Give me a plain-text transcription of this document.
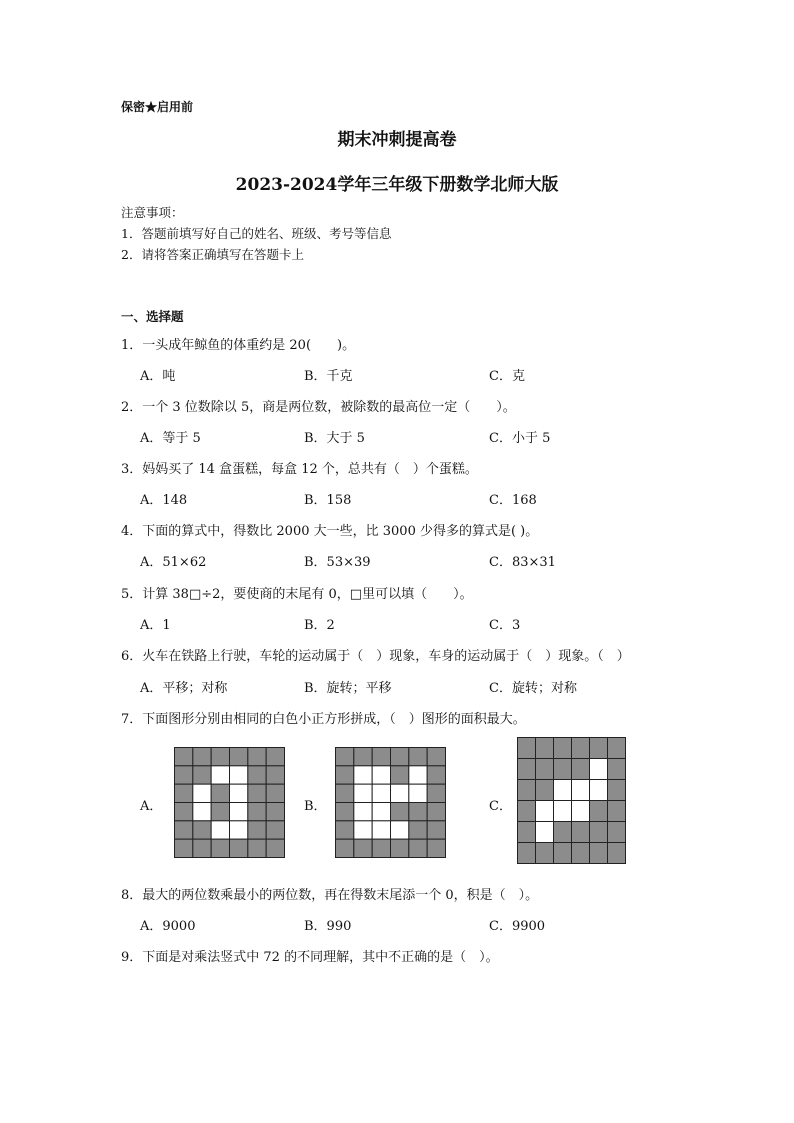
保密★启用前
期末冲刺提高卷
2023-2024学年三年级下册数学北师大版
注意事项：
1．答题前填写好自己的姓名、班级、考号等信息
2．请将答案正确填写在答题卡上
一、选择题
1．一头成年鲸鱼的体重约是 20(　　)。
A．吨	B．千克	C．克
2．一个 3 位数除以 5，商是两位数，被除数的最高位一定（　　）。
A．等于 5	B．大于 5	C．小于 5
3．妈妈买了 14 盒蛋糕，每盒 12 个，总共有（　）个蛋糕。
A．148	B．158	C．168
4．下面的算式中，得数比 2000 大一些，比 3000 少得多的算式是( )。
A．51×62	B．53×39	C．83×31
5．计算 38□÷2，要使商的末尾有 0，□里可以填（　　）。
A．1	B．2	C．3
6．火车在铁路上行驶，车轮的运动属于（　）现象，车身的运动属于（　）现象。（　）
A．平移；对称	B．旋转；平移	C．旋转；对称
7．下面图形分别由相同的白色小正方形拼成，（　）图形的面积最大。
A．	B．	C．
8．最大的两位数乘最小的两位数，再在得数末尾添一个 0，积是（　）。
A．9000	B．990	C．9900
9．下面是对乘法竖式中 72 的不同理解，其中不正确的是（　）。
